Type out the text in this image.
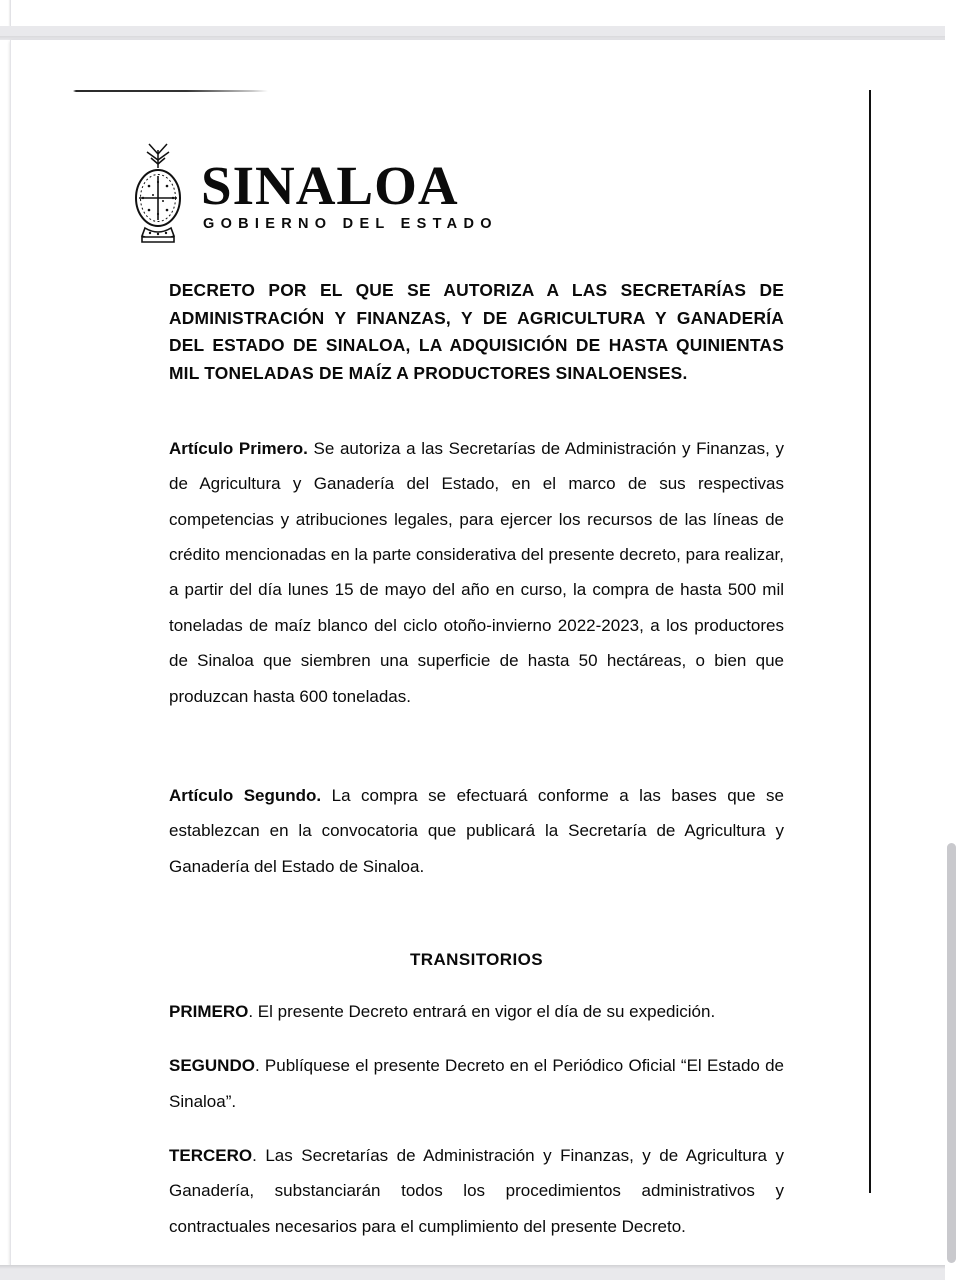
SINALOA
GOBIERNO DEL ESTADO
DECRETO POR EL QUE SE AUTORIZA A LAS SECRETARÍAS DE ADMINISTRACIÓN Y FINANZAS, Y DE AGRICULTURA Y GANADERÍA DEL ESTADO DE SINALOA, LA ADQUISICIÓN DE HASTA QUINIENTAS MIL TONELADAS DE MAÍZ A PRODUCTORES SINALOENSES.

Artículo Primero. Se autoriza a las Secretarías de Administración y Finanzas, y de Agricultura y Ganadería del Estado, en el marco de sus respectivas competencias y atribuciones legales, para ejercer los recursos de las líneas de crédito mencionadas en la parte considerativa del presente decreto, para realizar, a partir del día lunes 15 de mayo del año en curso, la compra de hasta 500 mil toneladas de maíz blanco del ciclo otoño-invierno 2022-2023, a los productores de Sinaloa que siembren una superficie de hasta 50 hectáreas, o bien que produzcan hasta 600 toneladas.

Artículo Segundo. La compra se efectuará conforme a las bases que se establezcan en la convocatoria que publicará la Secretaría de Agricultura y Ganadería del Estado de Sinaloa.

TRANSITORIOS

PRIMERO. El presente Decreto entrará en vigor el día de su expedición.

SEGUNDO. Publíquese el presente Decreto en el Periódico Oficial “El Estado de Sinaloa”.

TERCERO. Las Secretarías de Administración y Finanzas, y de Agricultura y Ganadería, substanciarán todos los procedimientos administrativos y contractuales necesarios para el cumplimiento del presente Decreto.
